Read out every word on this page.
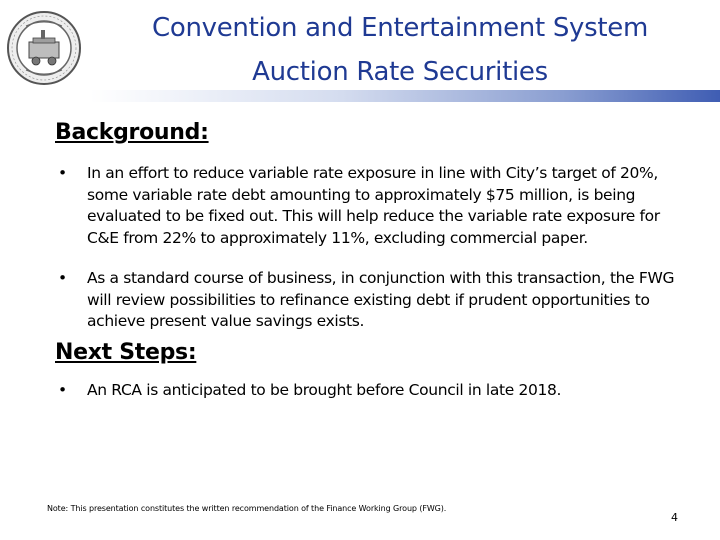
Convention and Entertainment System
Auction Rate Securities
Background:
• In an effort to reduce variable rate exposure in line with City’s target of 20%, some variable rate debt amounting to approximately $75 million, is being evaluated to be fixed out. This will help reduce the variable rate exposure for C&E from 22% to approximately 11%, excluding commercial paper.
• As a standard course of business, in conjunction with this transaction, the FWG will review possibilities to refinance existing debt if prudent opportunities to achieve present value savings exists.
Next Steps:
• An RCA is anticipated to be brought before Council in late 2018.
Note: This presentation constitutes the written recommendation of the Finance Working Group (FWG).
4
